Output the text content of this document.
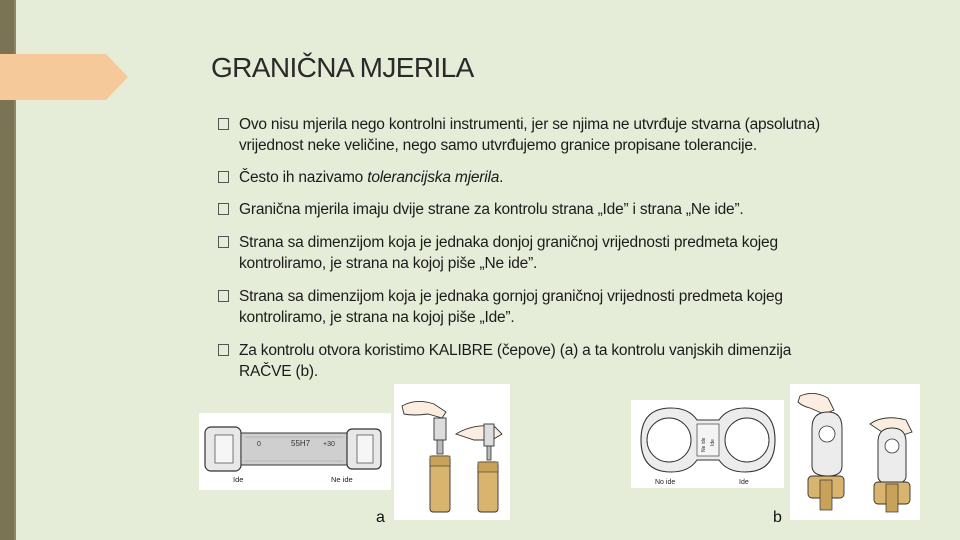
GRANIČNA MJERILA
Ovo nisu mjerila nego kontrolni instrumenti, jer se njima ne utvrđuje stvarna (apsolutna)
vrijednost neke veličine, nego samo utvrđujemo granice propisane tolerancije.
Često ih nazivamo tolerancijska mjerila.
Granična mjerila imaju dvije strane za kontrolu strana „Ide” i strana „Ne ide”.
Strana sa dimenzijom koja je jednaka donjoj graničnoj vrijednosti predmeta kojeg
kontroliramo, je strana na kojoj piše „Ne ide”.
Strana sa dimenzijom koja je jednaka gornjoj graničnoj vrijednosti predmeta kojeg
kontroliramo, je strana na kojoj piše „Ide”.
Za kontrolu otvora koristimo KALIBRE (čepove) (a) a ta kontrolu vanjskih dimenzija
RAČVE (b).
55H7 +30
0
Ide	Ne ide	No ide	Ide
Ne ide Ide
a	b
